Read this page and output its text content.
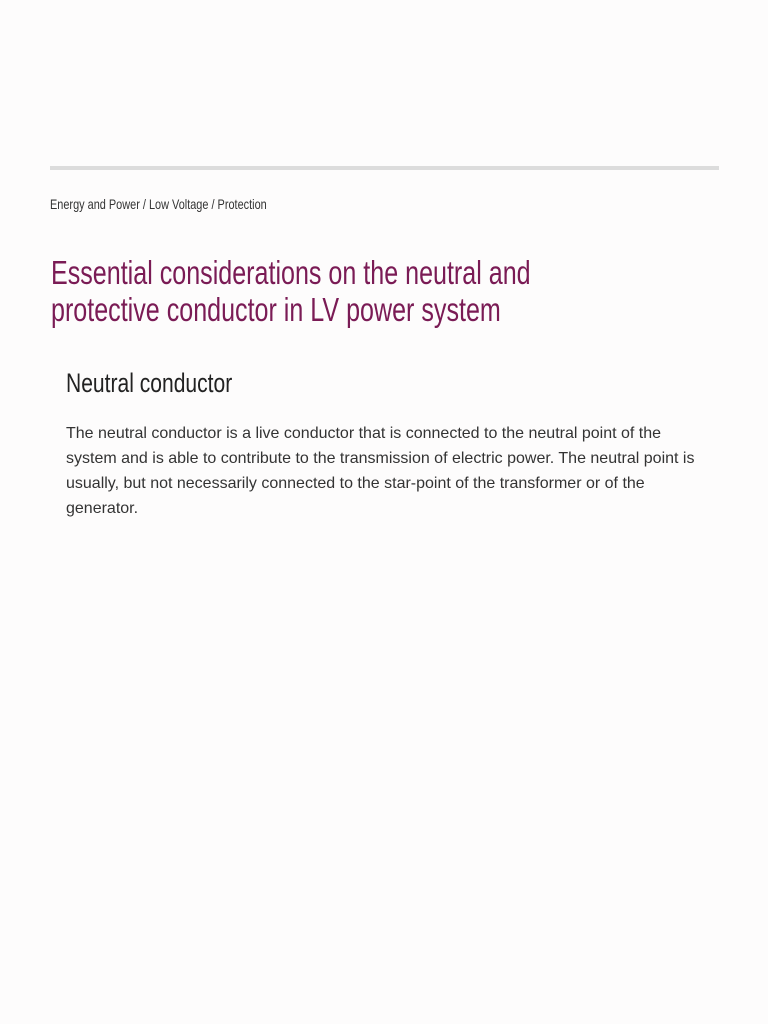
Energy and Power / Low Voltage / Protection
Essential considerations on the neutral and
protective conductor in LV power system
Neutral conductor

The neutral conductor is a live conductor that is connected to the neutral point of the system and is able to contribute to the transmission of electric power. The neutral point is usually, but not necessarily connected to the star-point of the transformer or of the generator.
